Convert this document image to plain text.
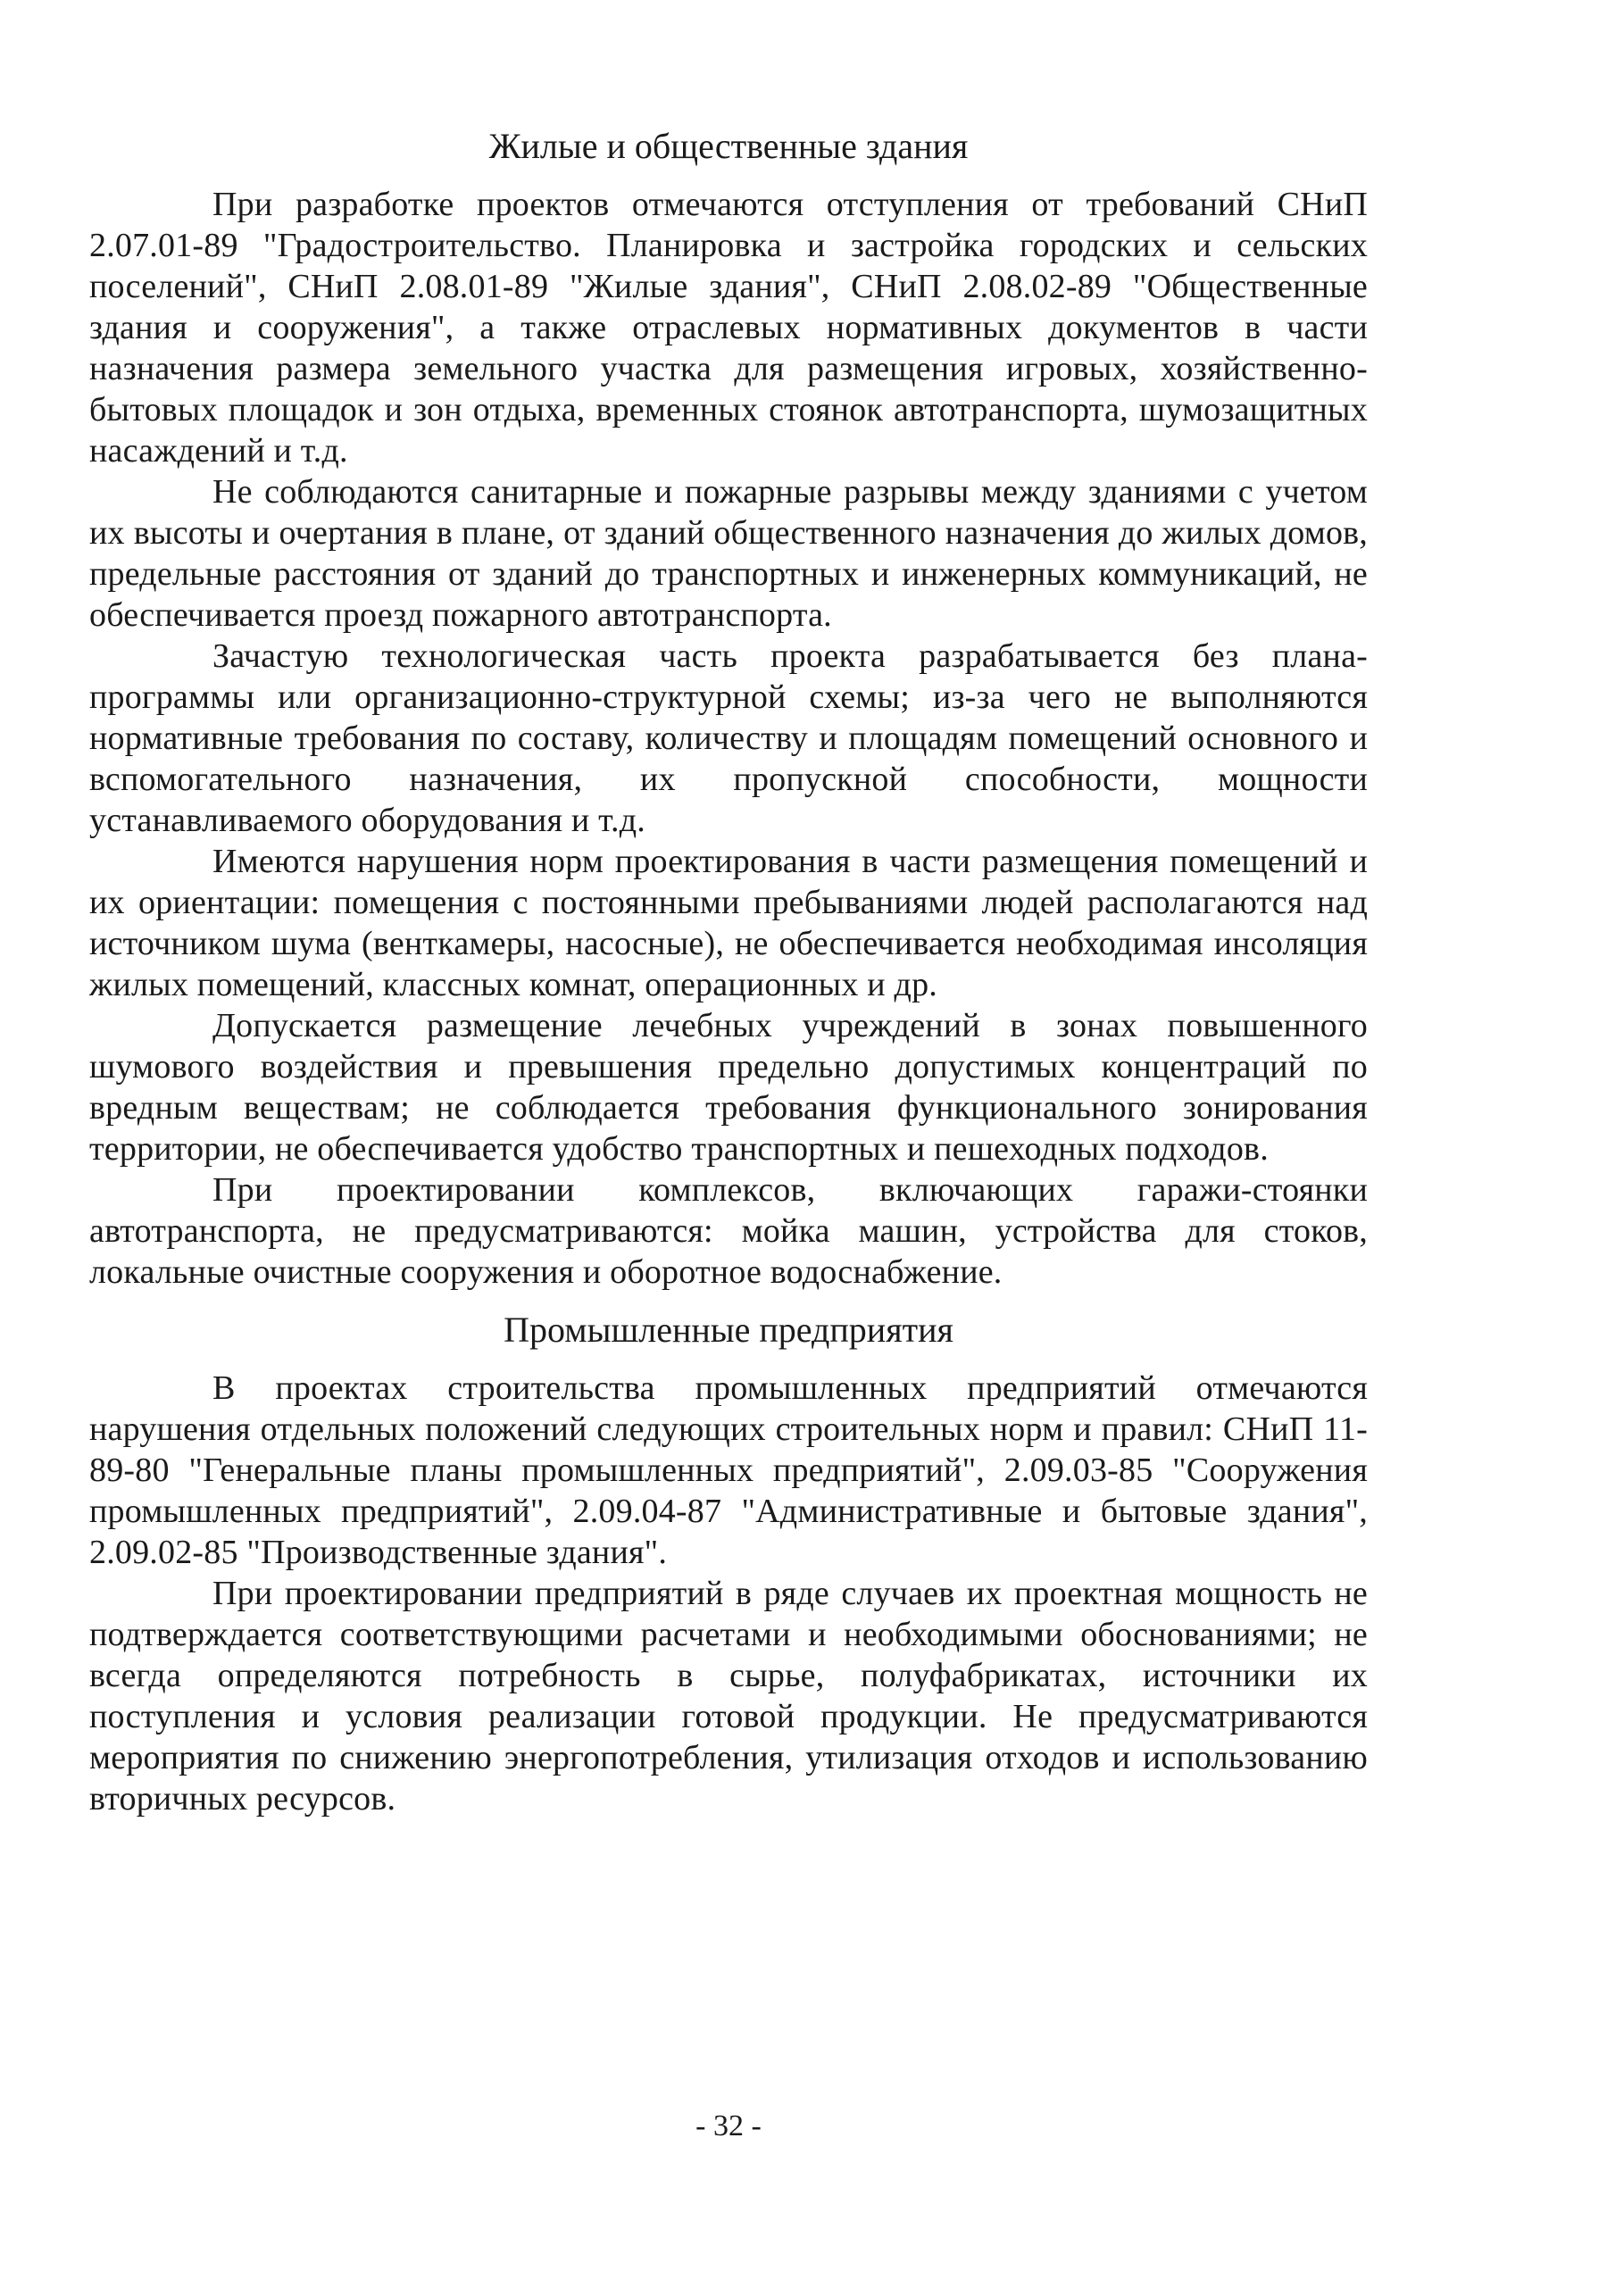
Жилые и общественные здания

При разработке проектов отмечаются отступления от требований СНиП 2.07.01-89 "Градостроительство. Планировка и застройка городских и сельских поселений", СНиП 2.08.01-89 "Жилые здания", СНиП 2.08.02-89 "Общественные здания и сооружения", а также отраслевых нормативных документов в части назначения размера земельного участка для размещения игровых, хозяйственно-бытовых площадок и зон отдыха, временных стоянок автотранспорта, шумозащитных насаждений и т.д.

Не соблюдаются санитарные и пожарные разрывы между зданиями с учетом их высоты и очертания в плане, от зданий общественного назначения до жилых домов, предельные расстояния от зданий до транспортных и инженерных коммуникаций, не обеспечивается проезд пожарного автотранспорта.

Зачастую технологическая часть проекта разрабатывается без плана-программы или организационно-структурной схемы; из-за чего не выполняются нормативные требования по составу, количеству и площадям помещений основного и вспомогательного назначения, их пропускной способности, мощности устанавливаемого оборудования и т.д.

Имеются нарушения норм проектирования в части размещения помещений и их ориентации: помещения с постоянными пребываниями людей располагаются над источником шума (венткамеры, насосные), не обеспечивается необходимая инсоляция жилых помещений, классных комнат, операционных и др.

Допускается размещение лечебных учреждений в зонах повышенного шумового воздействия и превышения предельно допустимых концентраций по вредным веществам; не соблюдается требования функционального зонирования территории, не обеспечивается удобство транспортных и пешеходных подходов.

При проектировании комплексов, включающих гаражи-стоянки автотранспорта, не предусматриваются: мойка машин, устройства для стоков, локальные очистные сооружения и оборотное водоснабжение.

Промышленные предприятия

В проектах строительства промышленных предприятий отмечаются нарушения отдельных положений следующих строительных норм и правил: СНиП 11-89-80 "Генеральные планы промышленных предприятий", 2.09.03-85 "Сооружения промышленных предприятий", 2.09.04-87 "Административные и бытовые здания", 2.09.02-85 "Производственные здания".

При проектировании предприятий в ряде случаев их проектная мощность не подтверждается соответствующими расчетами и необходимыми обоснованиями; не всегда определяются потребность в сырье, полуфабрикатах, источники их поступления и условия реализации готовой продукции. Не предусматриваются мероприятия по снижению энергопотребления, утилизация отходов и использованию вторичных ресурсов.

- 32 -
